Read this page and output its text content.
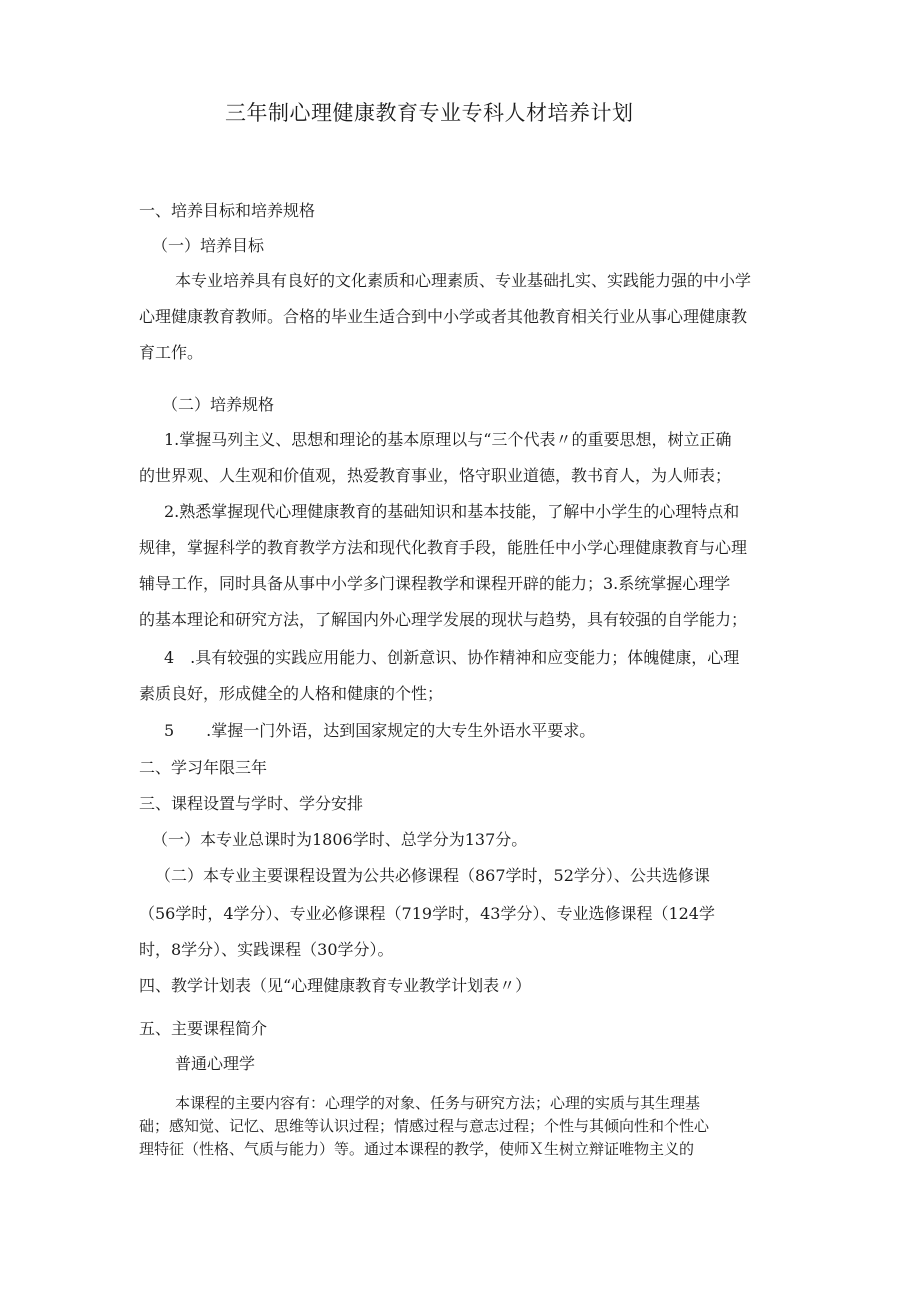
三年制心理健康教育专业专科人材培养计划
一、培养目标和培养规格
（一）培养目标
本专业培养具有良好的文化素质和心理素质、专业基础扎实、实践能力强的中小学
心理健康教育教师。合格的毕业生适合到中小学或者其他教育相关行业从事心理健康教
育工作。
（二）培养规格
1.掌握马列主义、思想和理论的基本原理以与“三个代表〃的重要思想，树立正确
的世界观、人生观和价值观，热爱教育事业，恪守职业道德，教书育人，为人师表；
2.熟悉掌握现代心理健康教育的基础知识和基本技能，了解中小学生的心理特点和
规律，掌握科学的教育教学方法和现代化教育手段，能胜任中小学心理健康教育与心理
辅导工作，同时具备从事中小学多门课程教学和课程开辟的能力；3.系统掌握心理学
的基本理论和研究方法，了解国内外心理学发展的现状与趋势，具有较强的自学能力；
4　.具有较强的实践应用能力、创新意识、协作精神和应变能力；体魄健康，心理
素质良好，形成健全的人格和健康的个性；
5　　.掌握一门外语，达到国家规定的大专生外语水平要求。
二、学习年限三年
三、课程设置与学时、学分安排
（一）本专业总课时为1806学时、总学分为137分。
（二）本专业主要课程设置为公共必修课程（867学时，52学分）、公共选修课
（56学时，4学分）、专业必修课程（719学时，43学分）、专业选修课程（124学
时，8学分）、实践课程（30学分）。
四、教学计划表（见“心理健康教育专业教学计划表〃）
五、主要课程简介
普通心理学
本课程的主要内容有：心理学的对象、任务与研究方法；心理的实质与其生理基
础；感知觉、记忆、思维等认识过程；情感过程与意志过程；个性与其倾向性和个性心
理特征（性格、气质与能力）等。通过本课程的教学，使师Ｘ生树立辩证唯物主义的
